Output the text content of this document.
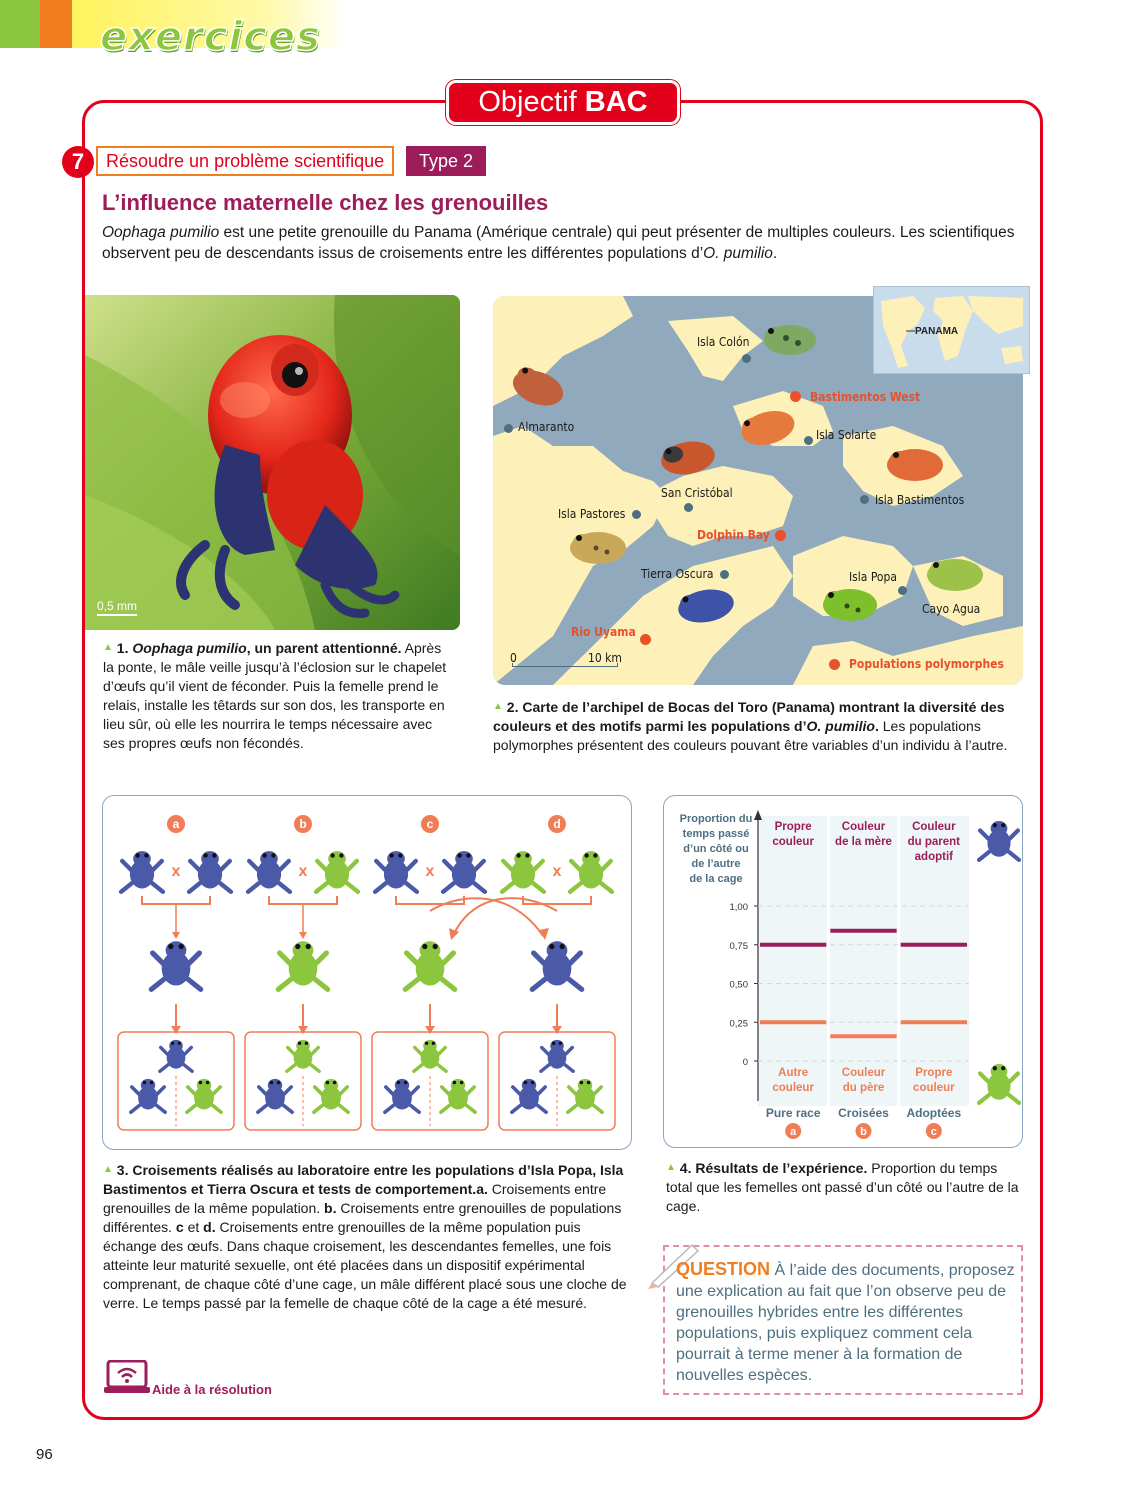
exercices
Objectif BAC
7	Résoudre un problème scientifique	Type 2
L’influence maternelle chez les grenouilles
Oophaga pumilio est une petite grenouille du Panama (Amérique centrale) qui peut présenter de multiples couleurs. Les scientifiques observent peu de descendants issus de croisements entre les différentes populations d’O. pumilio.
0,5 mm
▲ 1. Oophaga pumilio, un parent attentionné. Après la ponte, le mâle veille jusqu’à l’éclosion sur le chapelet d’œufs qu’il vient de féconder. Puis la femelle prend le relais, installe les têtards sur son dos, les transporte en lieu sûr, où elle les nourrira le temps nécessaire avec ses propres œufs non fécondés.
PANAMA
Isla Colón
Bastimentos West
Almaranto
Isla Solarte
San Cristóbal	Isla Bastimentos
Isla Pastores
Dolphin Bay
Tierra Oscura	Isla Popa
Cayo Agua
Rio Uyama
0	10 km	Populations polymorphes
▲ 2. Carte de l’archipel de Bocas del Toro (Panama) montrant la diversité des couleurs et des motifs parmi les populations d’O. pumilio. Les populations polymorphes présentent des couleurs pouvant être variables d’un individu à l’autre.
a
x
b
x
c
x
d
x
▲ 3. Croisements réalisés au laboratoire entre les populations d’Isla Popa, Isla Bastimentos et Tierra Oscura et tests de comportement.a. Croisements entre grenouilles de la même population. b. Croisements entre grenouilles de populations différentes. c et d. Croisements entre grenouilles de la même population puis échange des œufs. Dans chaque croisement, les descendantes femelles, une fois atteinte leur maturité sexuelle, ont été placées dans un dispositif expérimental comprenant, de chaque côté d’une cage, un mâle différent placé sous une cloche de verre. Le temps passé par la femelle de chaque côté de la cage a été mesuré.
0
0,25
0,50
0,75
1,00
Proportion du
temps passé
d’un côté ou
de l’autre
de la cage
Propre
couleur
Couleur
de la mère
Couleur
du parent
adoptif
Autre
couleur
Couleur
du père
Propre
couleur
Pure race
a
Croisées
b
Adoptées
c
▲ 4. Résultats de l’expérience. Proportion du temps total que les femelles ont passé d’un côté ou l’autre de la cage.
QUESTION À l’aide des documents, proposez une explication au fait que l’on observe peu de grenouilles hybrides entre les différentes populations, puis expliquez comment cela pourrait à terme mener à la formation de nouvelles espèces.
Aide à la résolution
96
